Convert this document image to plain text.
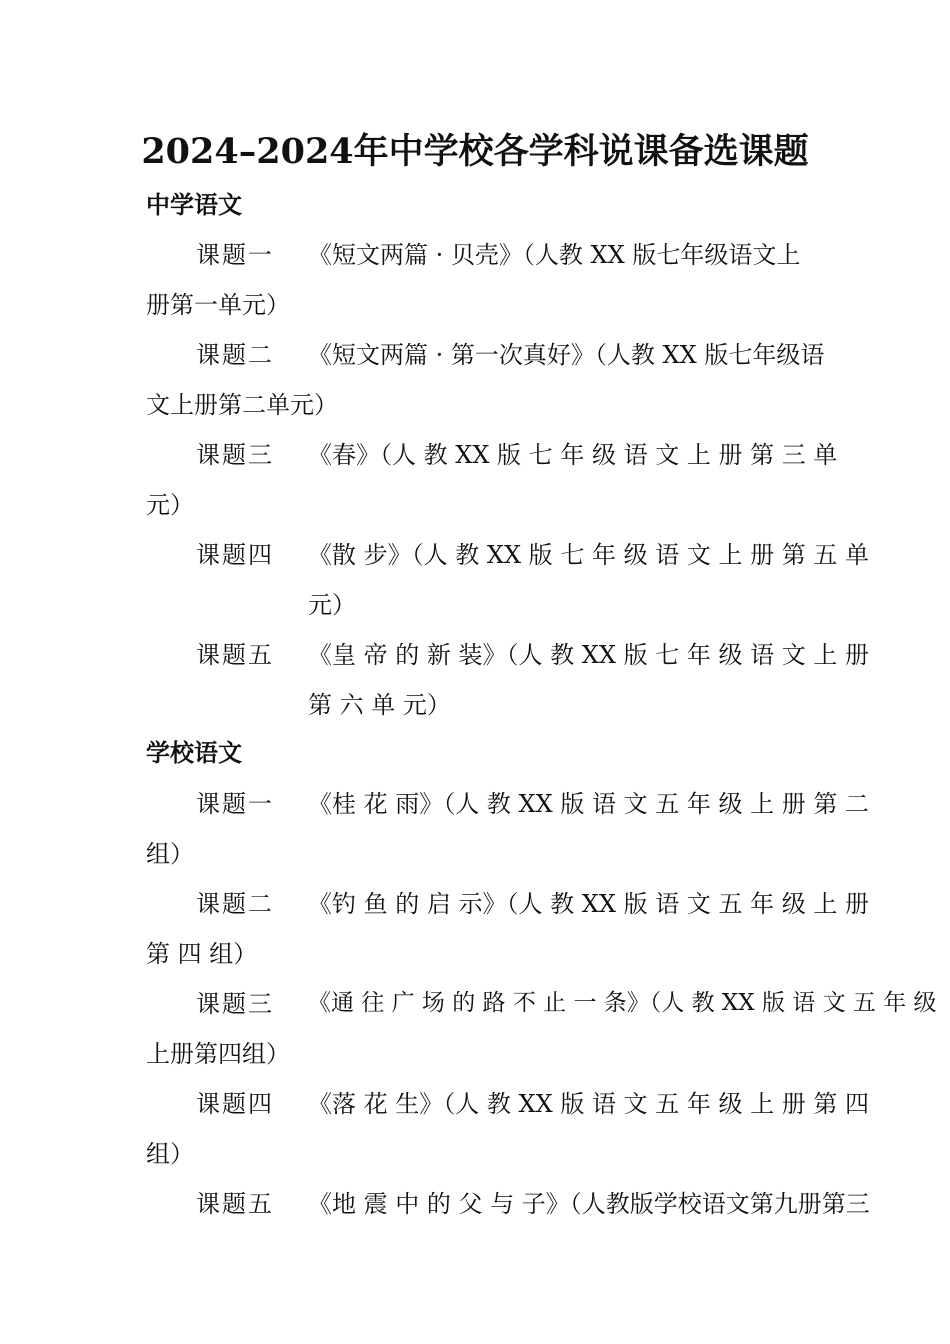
2024–2024年中学校各学科说课备选课题
中学语文
课题一 《短文两篇 · 贝壳》（人教 XX 版七年级语文上
册第一单元）
课题二 《短文两篇 · 第一次真好》（人教 XX 版七年级语
文上册第二单元）
课题三 《春》（人 教 XX 版 七 年 级 语 文 上 册 第 三 单
元）
课题四 《散 步》（人 教 XX 版 七 年 级 语 文 上 册 第 五 单
元）
课题五 《皇 帝 的 新 装》（人 教 XX 版 七 年 级 语 文 上 册
第 六 单 元）
学校语文
课题一 《桂 花 雨》（人 教 XX 版 语 文 五 年 级 上 册 第 二
组）
课题二 《钓 鱼 的 启 示》（人 教 XX 版 语 文 五 年 级 上 册
第 四 组）
课题三 《通 往 广 场 的 路 不 止 一 条》（人 教 XX 版 语 文 五 年 级
上册第四组）
课题四 《落 花 生》（人 教 XX 版 语 文 五 年 级 上 册 第 四
组）
课题五 《地 震 中 的 父 与 子》（人教版学校语文第九册第三
